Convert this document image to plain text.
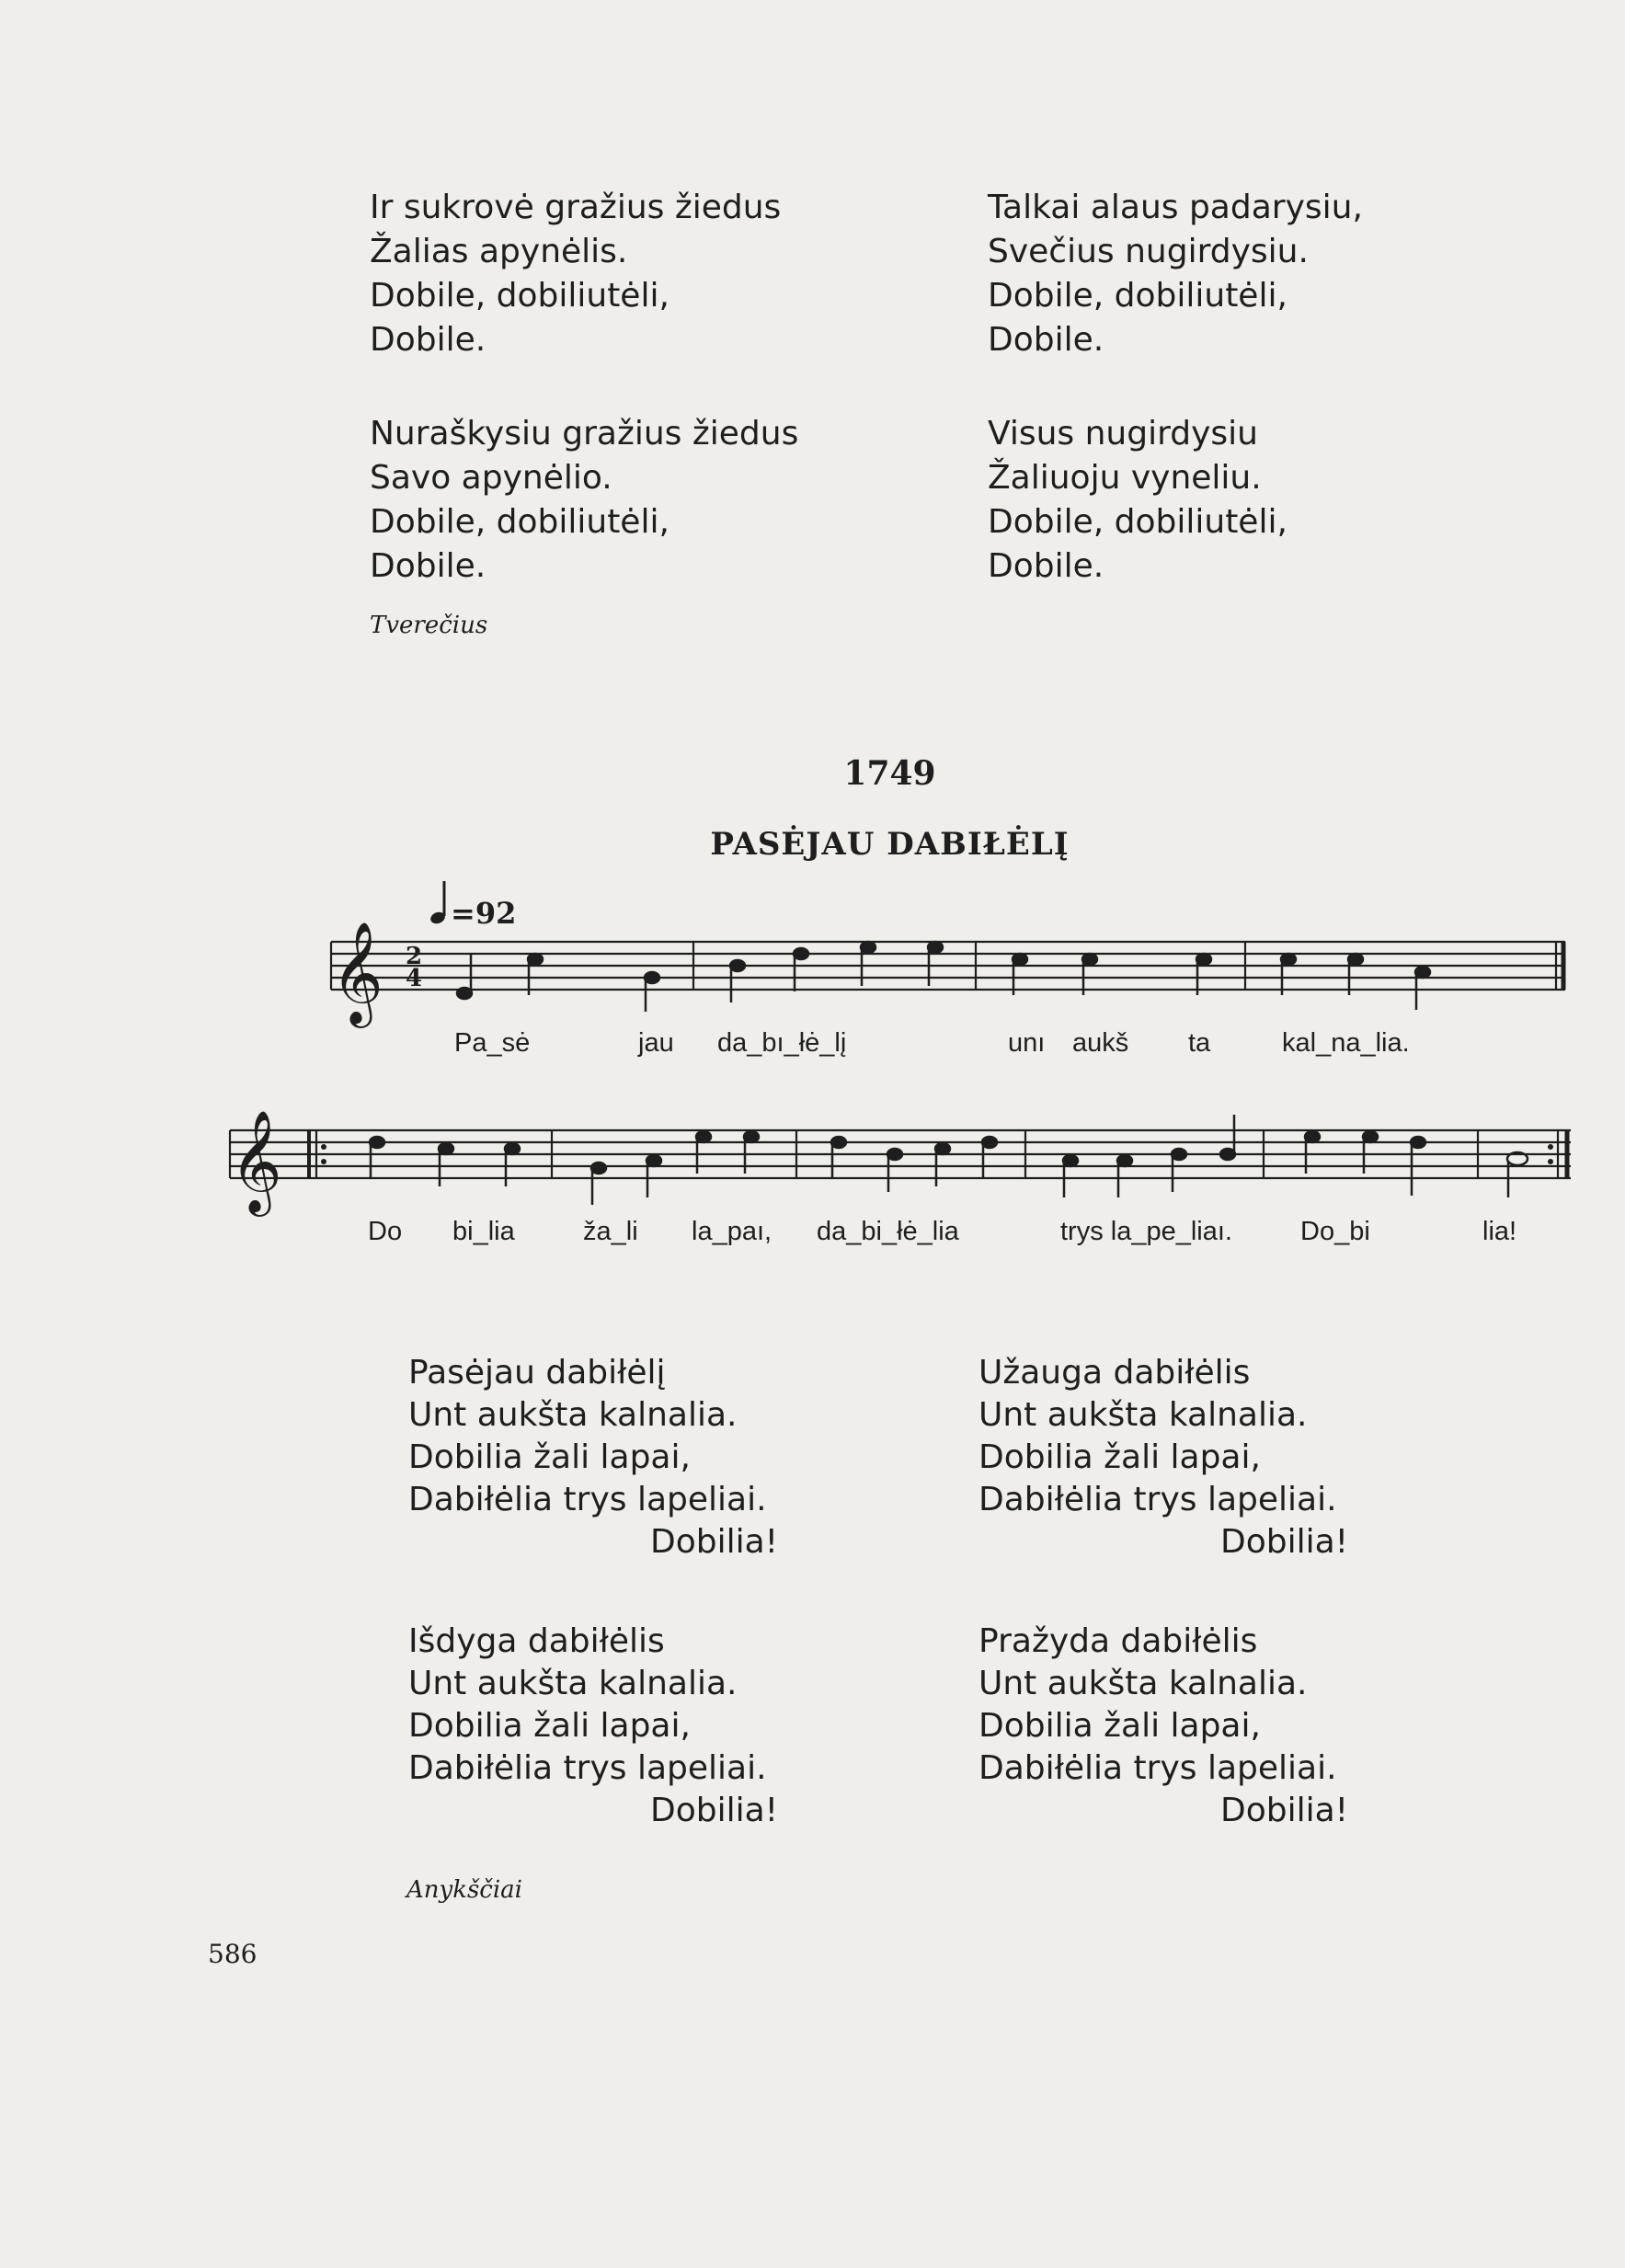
Ir sukrovė gražius žiedus
Žalias apynėlis.
Dobile, dobiliutėli,
Dobile.
Nuraškysiu gražius žiedus
Savo apynėlio.
Dobile, dobiliutėli,
Dobile.
Tverečius
Talkai alaus padarysiu,
Svečius nugirdysiu.
Dobile, dobiliutėli,
Dobile.
Visus nugirdysiu
Žaliuoju vyneliu.
Dobile, dobiliutėli,
Dobile.
1749
PASĖJAU DABIŁĖLĮ
=92
𝄞 2
4
𝄞
Pa_sė	jau da_bı_łė_lį	unı aukš ta	kal_na_lia.
Do bi_lia	ža_li la_paı, da_bi_łė_lia	trys la_pe_liaı.	Do_bi	lia!
Pasėjau dabiłėlį
Unt aukšta kalnalia.
Dobilia žali lapai,
Dabiłėlia trys lapeliai.
Dobilia!
Išdyga dabiłėlis
Unt aukšta kalnalia.
Dobilia žali lapai,
Dabiłėlia trys lapeliai.
Dobilia!
Anykščiai
Užauga dabiłėlis
Unt aukšta kalnalia.
Dobilia žali lapai,
Dabiłėlia trys lapeliai.
Dobilia!
Pražyda dabiłėlis
Unt aukšta kalnalia.
Dobilia žali lapai,
Dabiłėlia trys lapeliai.
Dobilia!
586
